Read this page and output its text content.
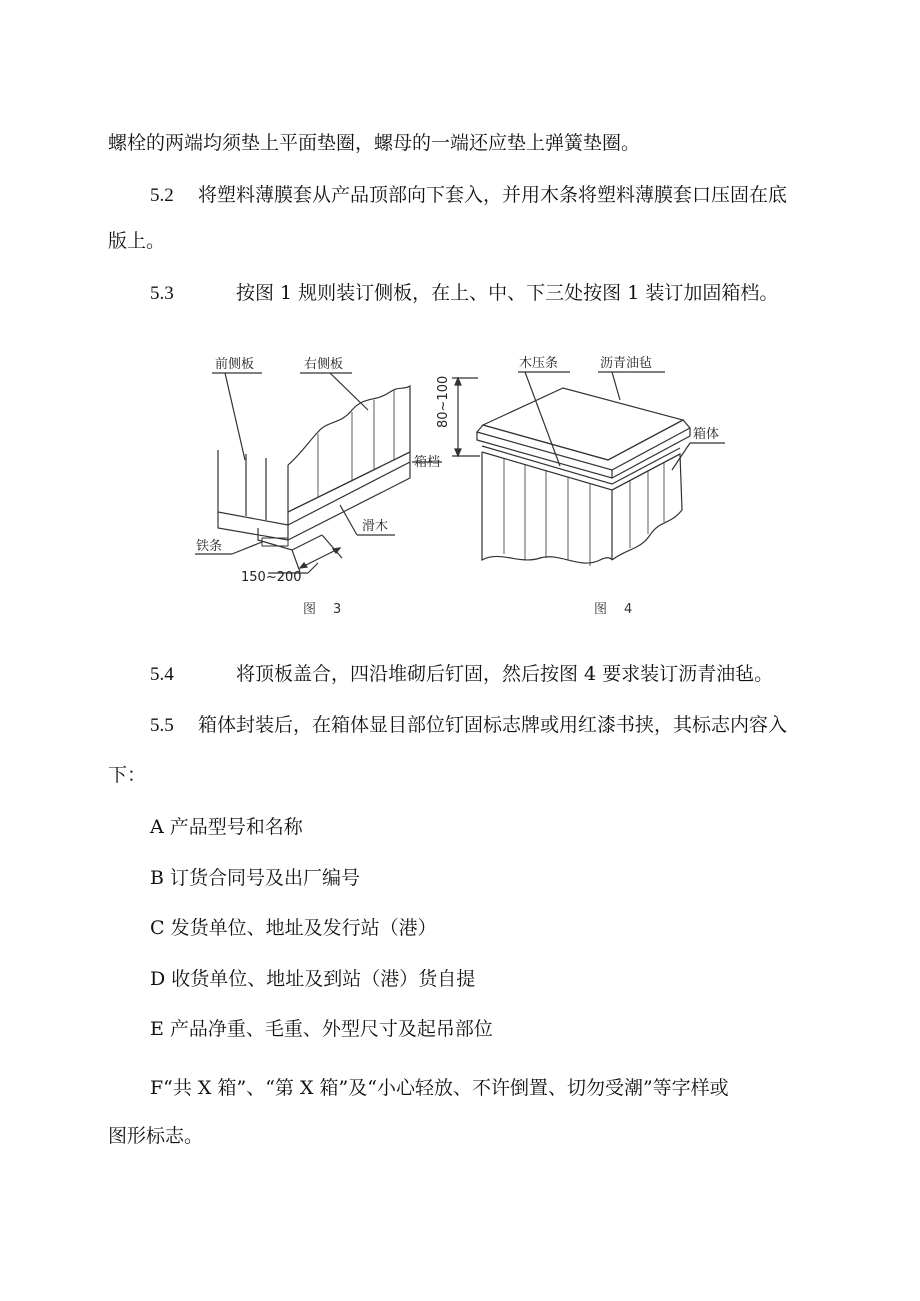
螺栓的两端均须垫上平面垫圈，螺母的一端还应垫上弹簧垫圈。
5.2 将塑料薄膜套从产品顶部向下套入，并用木条将塑料薄膜套口压固在底
版上。
5.3	按图 1 规则装订侧板，在上、中、下三处按图 1 装订加固箱档。
前侧板	右侧板
箱档
滑木
铁条
150~200
图　3
木压条	沥青油毡
箱体
80~100
图　4
5.4	将顶板盖合，四沿堆砌后钉固，然后按图 4 要求装订沥青油毡。
5.5 箱体封装后，在箱体显目部位钉固标志牌或用红漆书挟，其标志内容入
下：
A 产品型号和名称
B 订货合同号及出厂编号
C 发货单位、地址及发行站（港）
D 收货单位、地址及到站（港）货自提
E 产品净重、毛重、外型尺寸及起吊部位
F“共 X 箱”、“第 X 箱”及“小心轻放、不许倒置、切勿受潮”等字样或
图形标志。
